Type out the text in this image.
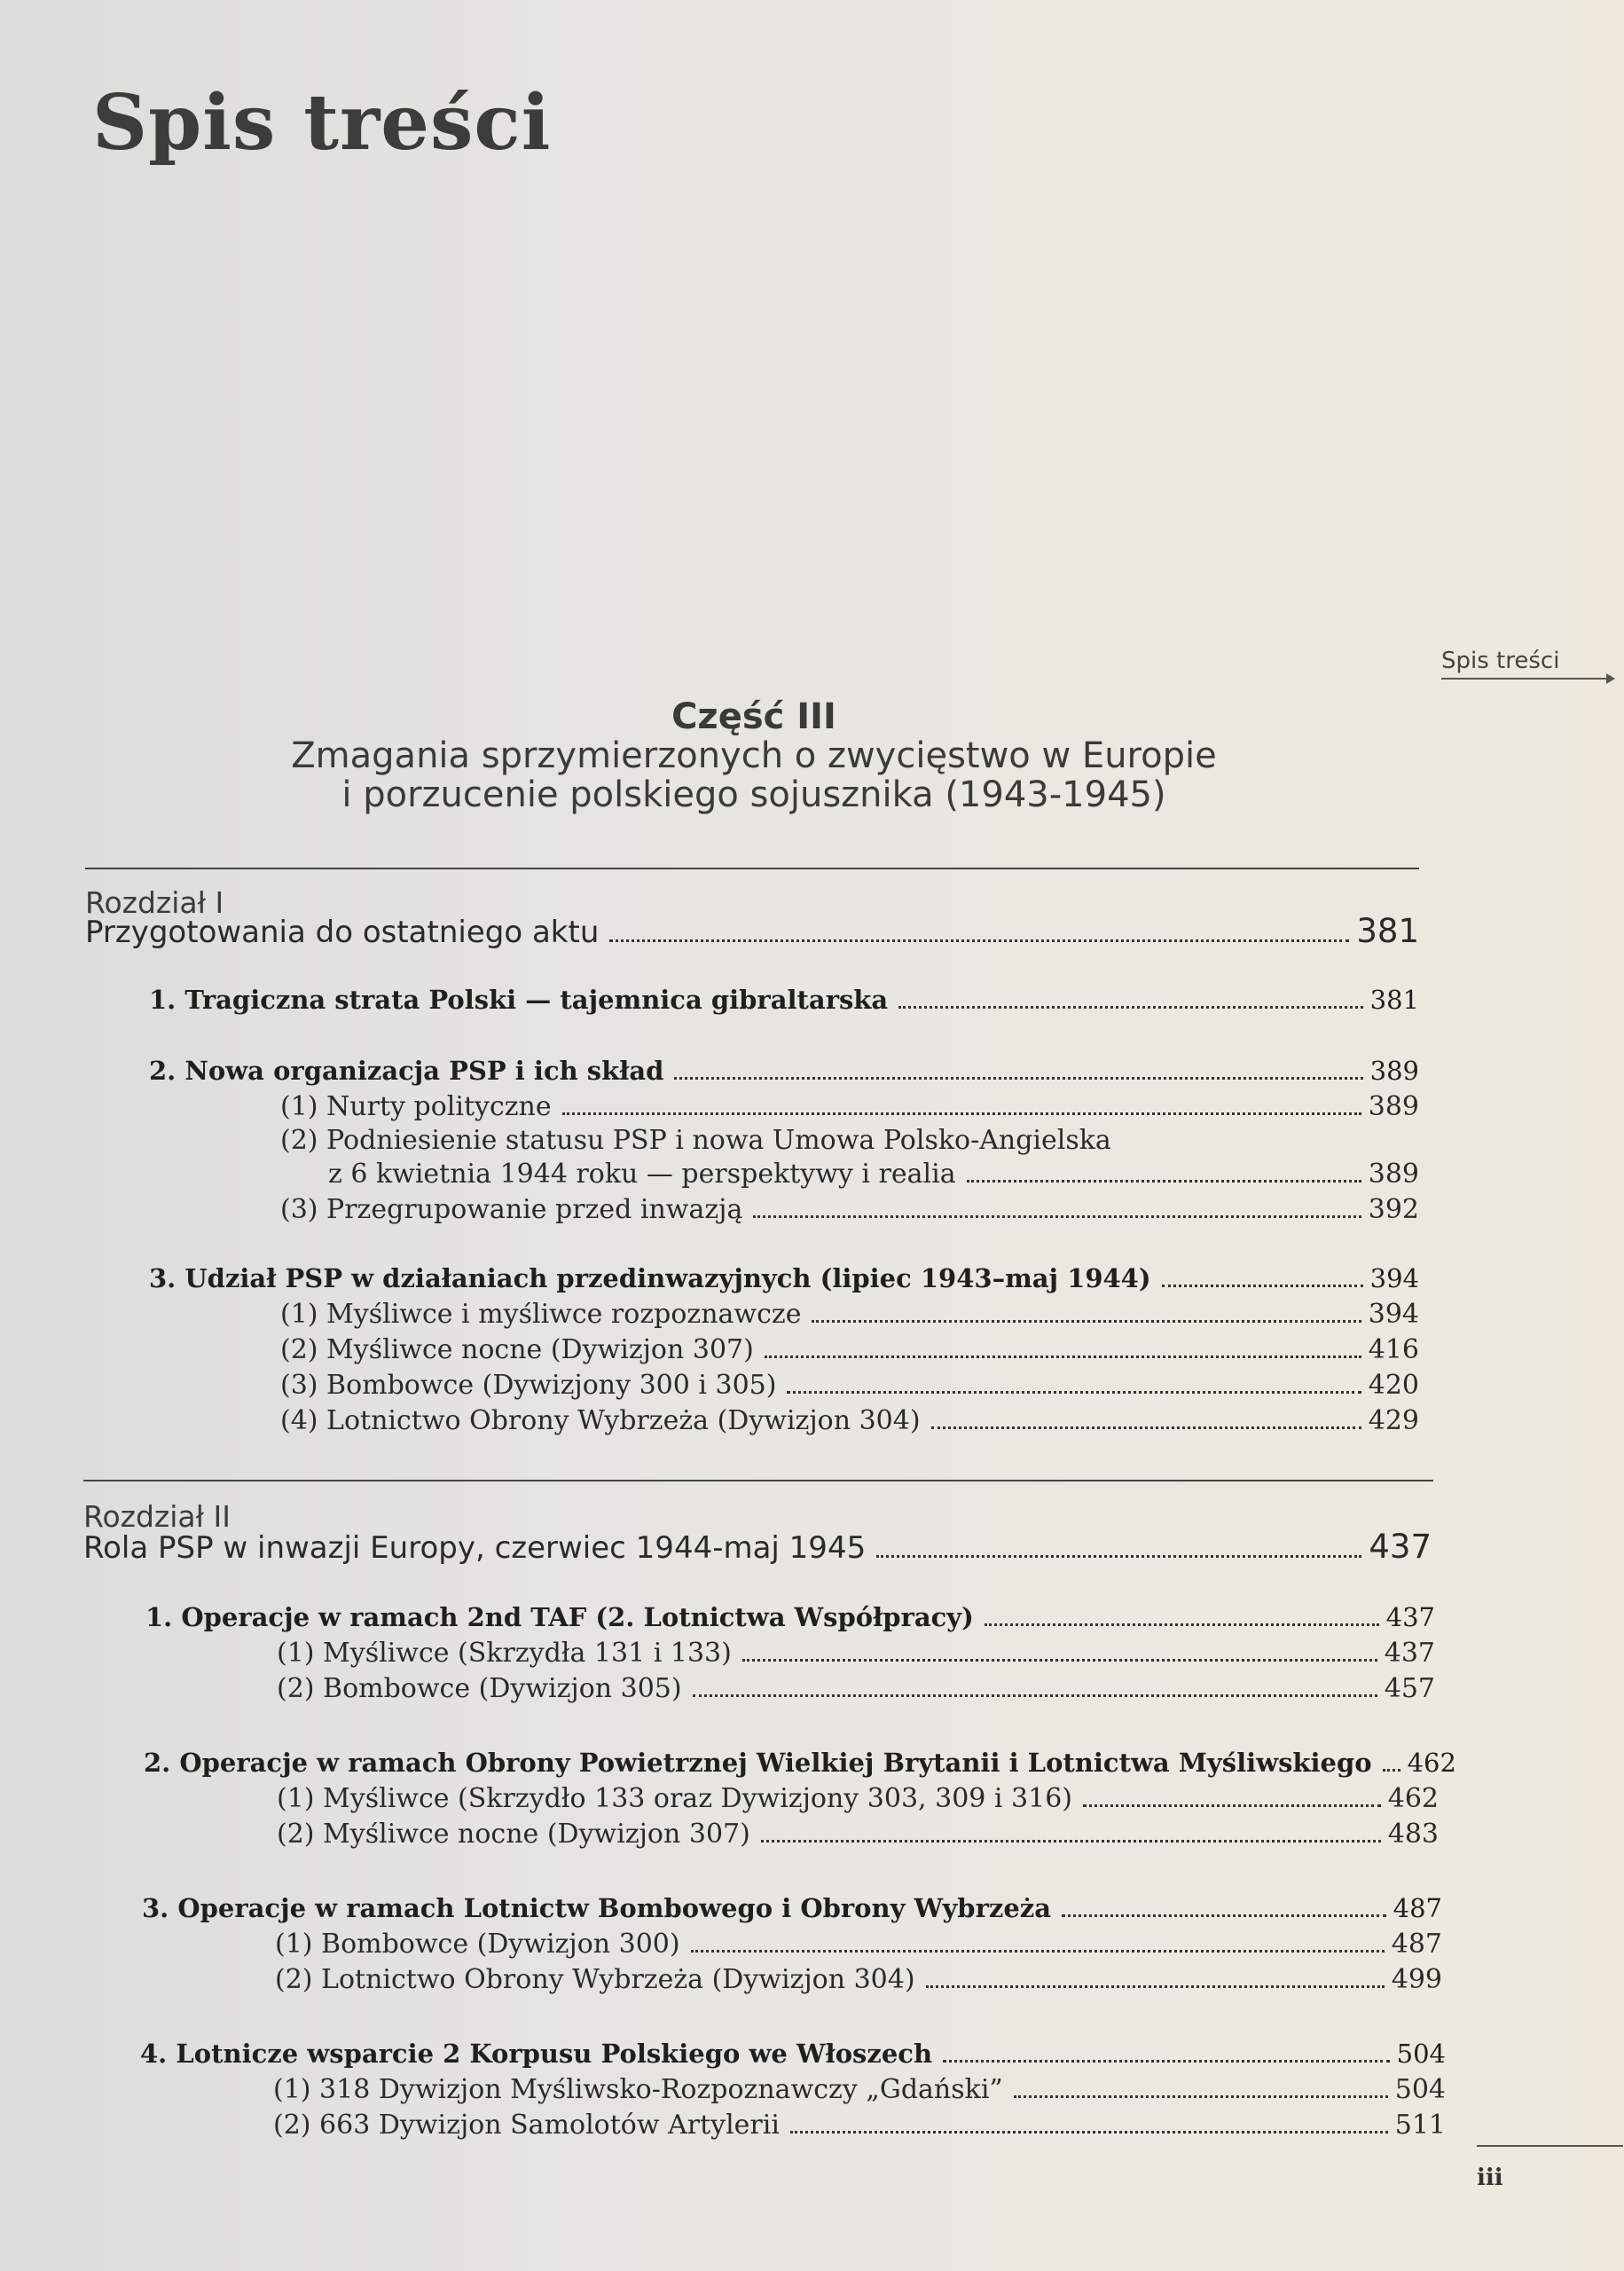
Spis treści
Spis treści
Część III
Zmagania sprzymierzonych o zwycięstwo w Europie
i porzucenie polskiego sojusznika (1943-1945)
Rozdział I
Przygotowania do ostatniego aktu	381
1. Tragiczna strata Polski — tajemnica gibraltarska	381
2. Nowa organizacja PSP i ich skład	389
(1) Nurty polityczne	389
(2) Podniesienie statusu PSP i nowa Umowa Polsko-Angielska
z 6 kwietnia 1944 roku — perspektywy i realia	389
(3) Przegrupowanie przed inwazją	392
3. Udział PSP w działaniach przedinwazyjnych (lipiec 1943–maj 1944)	394
(1) Myśliwce i myśliwce rozpoznawcze	394
(2) Myśliwce nocne (Dywizjon 307)	416
(3) Bombowce (Dywizjony 300 i 305)	420
(4) Lotnictwo Obrony Wybrzeża (Dywizjon 304)	429
Rozdział II
Rola PSP w inwazji Europy, czerwiec 1944-maj 1945	437
1. Operacje w ramach 2nd TAF (2. Lotnictwa Współpracy)	437
(1) Myśliwce (Skrzydła 131 i 133)	437
(2) Bombowce (Dywizjon 305)	457
2. Operacje w ramach Obrony Powietrznej Wielkiej Brytanii i Lotnictwa Myśliwskiego 462
(1) Myśliwce (Skrzydło 133 oraz Dywizjony 303, 309 i 316)	462
(2) Myśliwce nocne (Dywizjon 307)	483
3. Operacje w ramach Lotnictw Bombowego i Obrony Wybrzeża	487
(1) Bombowce (Dywizjon 300)	487
(2) Lotnictwo Obrony Wybrzeża (Dywizjon 304)	499
4. Lotnicze wsparcie 2 Korpusu Polskiego we Włoszech	504
(1) 318 Dywizjon Myśliwsko-Rozpoznawczy „Gdański”	504
(2) 663 Dywizjon Samolotów Artylerii	511
iii
